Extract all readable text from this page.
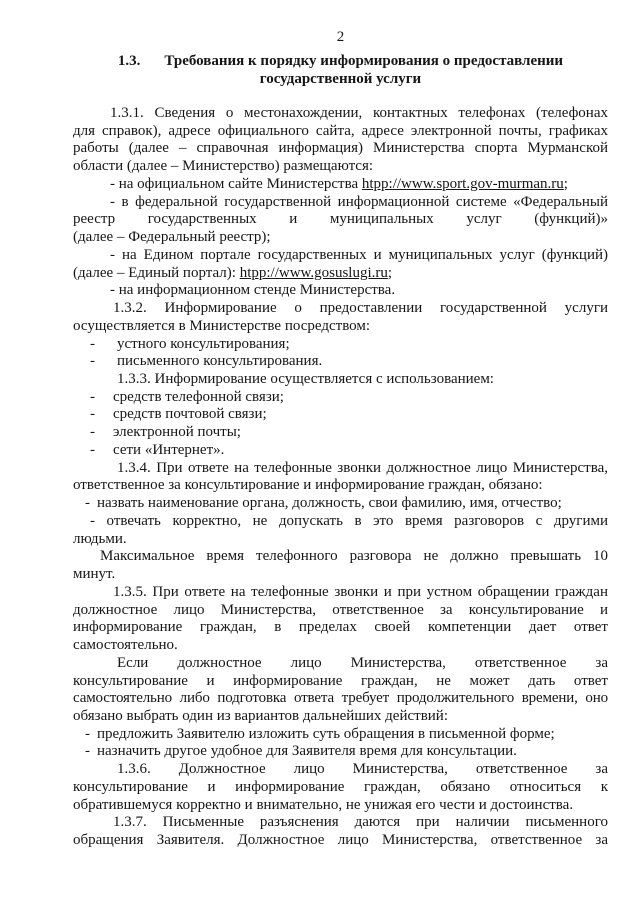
2
1.3. Требования к порядку информирования о предоставлении
государственной услуги
1.3.1. Сведения о местонахождении, контактных телефонах (телефонах
для справок), адресе официального сайта, адресе электронной почты, графиках
работы (далее – справочная информация) Министерства спорта Мурманской
области (далее – Министерство) размещаются:
- на официальном сайте Министерства htpp://www.sport.gov-murman.ru;
- в федеральной государственной информационной системе «Федеральный
реестр государственных и муниципальных услуг (функций)»
(далее – Федеральный реестр);
- на Едином портале государственных и муниципальных услуг (функций)
(далее – Единый портал): htpp://www.gosuslugi.ru;
- на информационном стенде Министерства.
1.3.2. Информирование о предоставлении государственной услуги
осуществляется в Министерстве посредством:
-	устного консультирования;
-	письменного консультирования.
1.3.3. Информирование осуществляется с использованием:
-	средств телефонной связи;
-	средств почтовой связи;
-	электронной почты;
-	сети «Интернет».
1.3.4. При ответе на телефонные звонки должностное лицо Министерства,
ответственное за консультирование и информирование граждан, обязано:
- назвать наименование органа, должность, свои фамилию, имя, отчество;
- отвечать корректно, не допускать в это время разговоров с другими
людьми.
Максимальное время телефонного разговора не должно превышать 10
минут.
1.3.5. При ответе на телефонные звонки и при устном обращении граждан
должностное лицо Министерства, ответственное за консультирование и
информирование граждан, в пределах своей компетенции дает ответ
самостоятельно.
Если должностное лицо Министерства, ответственное за
консультирование и информирование граждан, не может дать ответ
самостоятельно либо подготовка ответа требует продолжительного времени, оно
обязано выбрать один из вариантов дальнейших действий:
- предложить Заявителю изложить суть обращения в письменной форме;
- назначить другое удобное для Заявителя время для консультации.
1.3.6. Должностное лицо Министерства, ответственное за
консультирование и информирование граждан, обязано относиться к
обратившемуся корректно и внимательно, не унижая его чести и достоинства.
1.3.7. Письменные разъяснения даются при наличии письменного
обращения Заявителя. Должностное лицо Министерства, ответственное за
